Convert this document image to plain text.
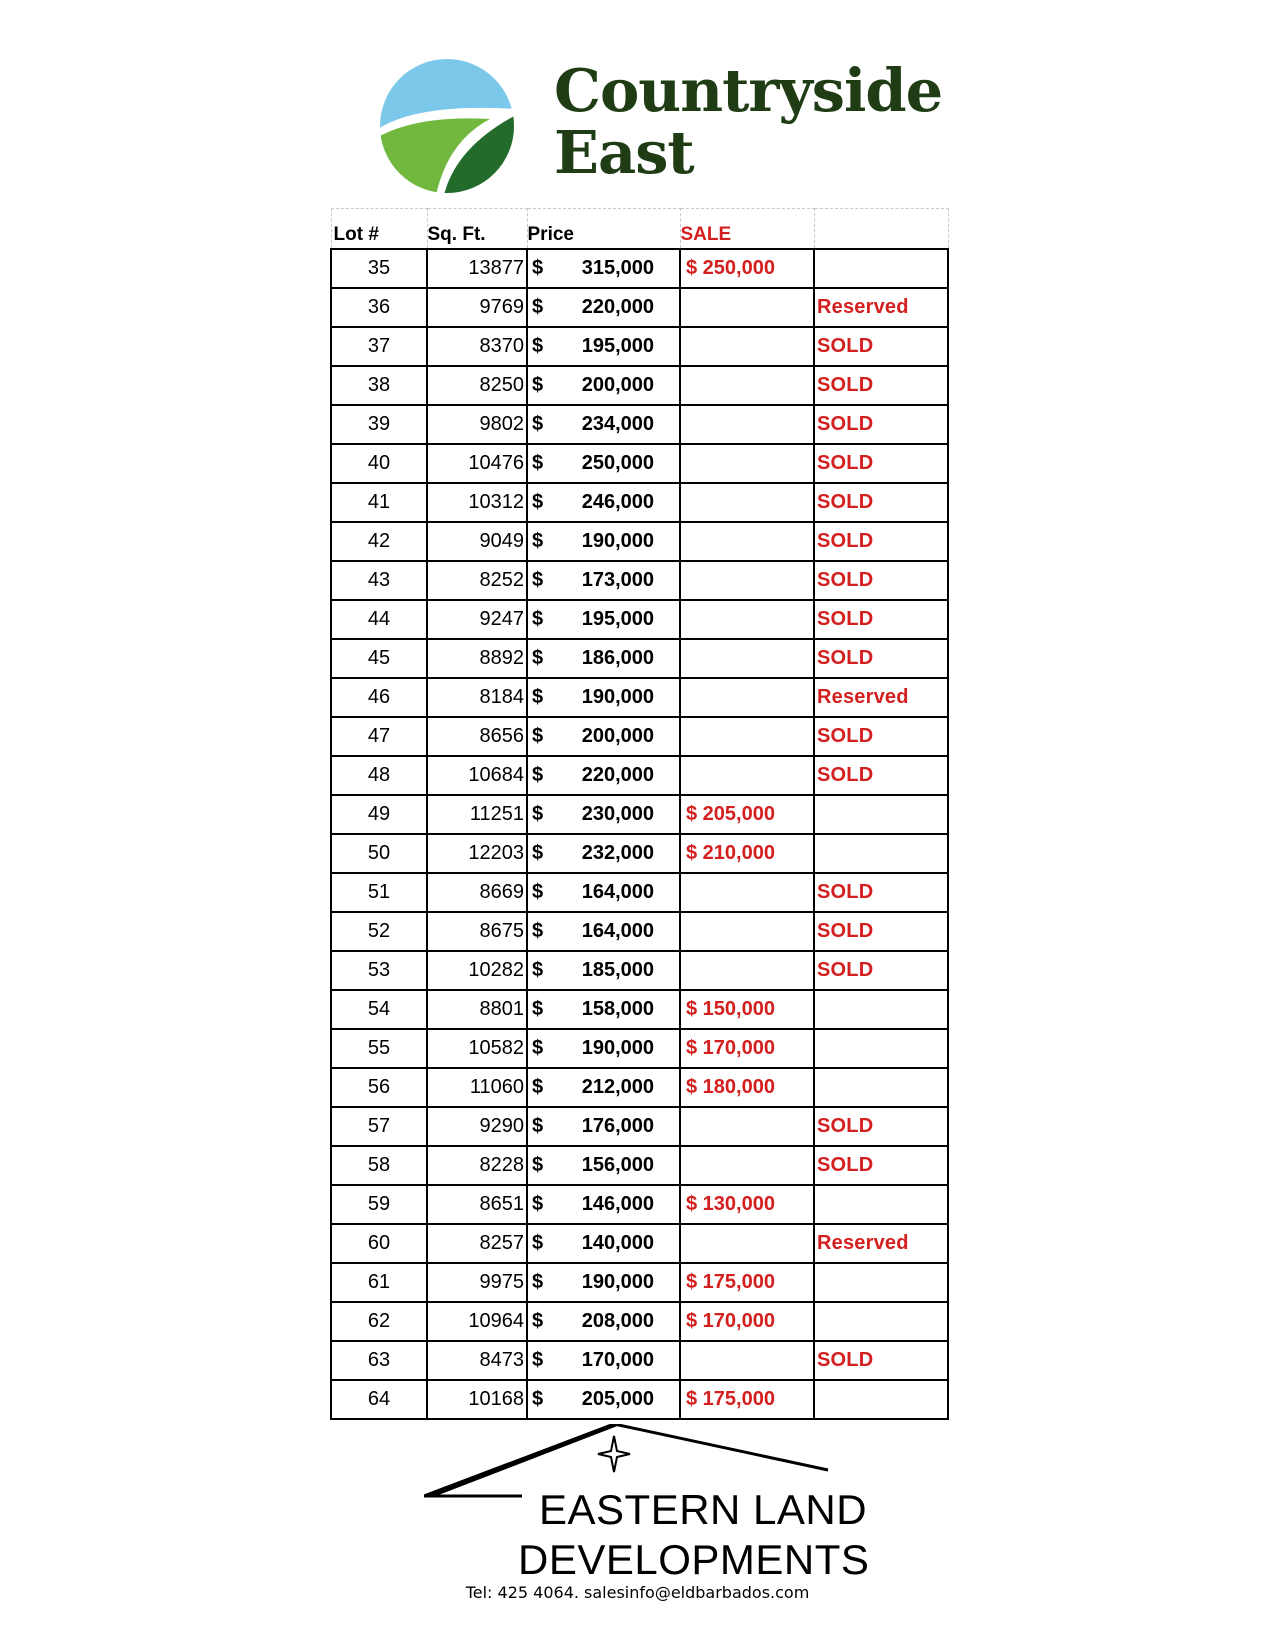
Countryside
East
Lot #	Sq. Ft.	Price	SALE	
35	13877	$ 315,000	$ 250,000	
36	9769	$ 220,000		Reserved
37	8370	$ 195,000		SOLD
38	8250	$ 200,000		SOLD
39	9802	$ 234,000		SOLD
40	10476	$ 250,000		SOLD
41	10312	$ 246,000		SOLD
42	9049	$ 190,000		SOLD
43	8252	$ 173,000		SOLD
44	9247	$ 195,000		SOLD
45	8892	$ 186,000		SOLD
46	8184	$ 190,000		Reserved
47	8656	$ 200,000		SOLD
48	10684	$ 220,000		SOLD
49	11251	$ 230,000	$ 205,000	
50	12203	$ 232,000	$ 210,000	
51	8669	$ 164,000		SOLD
52	8675	$ 164,000		SOLD
53	10282	$ 185,000		SOLD
54	8801	$ 158,000	$ 150,000	
55	10582	$ 190,000	$ 170,000	
56	11060	$ 212,000	$ 180,000	
57	9290	$ 176,000		SOLD
58	8228	$ 156,000		SOLD
59	8651	$ 146,000	$ 130,000	
60	8257	$ 140,000		Reserved
61	9975	$ 190,000	$ 175,000	
62	10964	$ 208,000	$ 170,000	
63	8473	$ 170,000		SOLD
64	10168	$ 205,000	$ 175,000	
EASTERN LAND
DEVELOPMENTS
Tel: 425 4064. salesinfo@eldbarbados.com
